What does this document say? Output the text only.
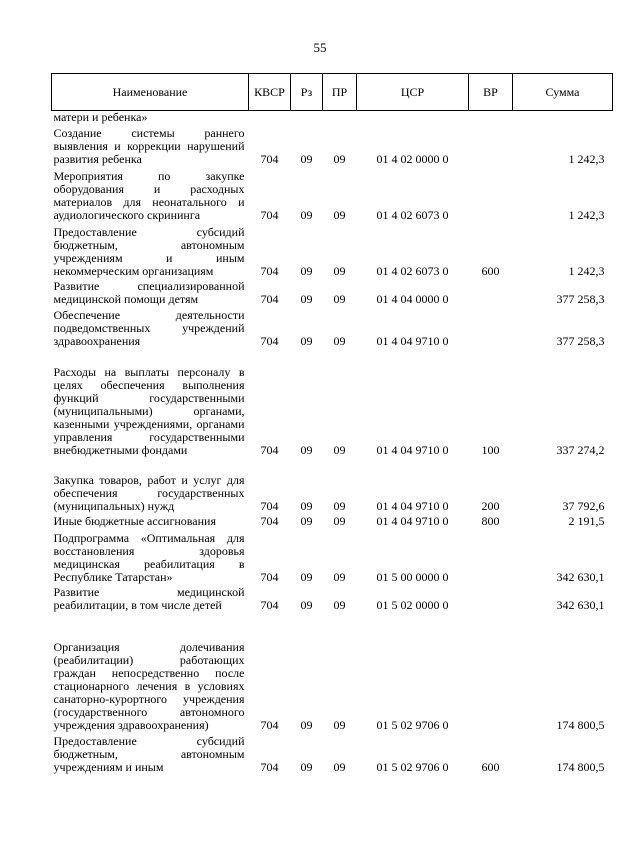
55
Наименование	КВСР	Рз	ПР	ЦСР	ВР	Сумма
матери и ребенка»						
Создание системы раннего выявления и коррекции нарушений развития ребенка	704	09	09	01 4 02 0000 0		1 242,3
Мероприятия по закупке оборудования и расходных материалов для неонатального и аудиологического скрининга	704	09	09	01 4 02 6073 0		1 242,3
Предоставление субсидий бюджетным, автономным учреждениям и иным некоммерческим организациям	704	09	09	01 4 02 6073 0	600	1 242,3
Развитие специализированной медицинской помощи детям	704	09	09	01 4 04 0000 0		377 258,3
Обеспечение деятельности подведомственных учреждений здравоохранения	704	09	09	01 4 04 9710 0		377 258,3
Расходы на выплаты персоналу в целях обеспечения выполнения функций государственными (муниципальными) органами, казенными учреждениями, органами управления государственными внебюджетными фондами	704	09	09	01 4 04 9710 0	100	337 274,2
Закупка товаров, работ и услуг для обеспечения государственных (муниципальных) нужд	704	09	09	01 4 04 9710 0	200	37 792,6
Иные бюджетные ассигнования	704	09	09	01 4 04 9710 0	800	2 191,5
Подпрограмма «Оптимальная для восстановления здоровья медицинская реабилитация в Республике Татарстан»	704	09	09	01 5 00 0000 0		342 630,1
Развитие медицинской реабилитации, в том числе детей	704	09	09	01 5 02 0000 0		342 630,1
Организация долечивания (реабилитации) работающих граждан непосредственно после стационарного лечения в условиях санаторно-курортного учреждения (государственного автономного учреждения здравоохранения)	704	09	09	01 5 02 9706 0		174 800,5
Предоставление субсидий бюджетным, автономным учреждениям и иным	704	09	09	01 5 02 9706 0	600	174 800,5
